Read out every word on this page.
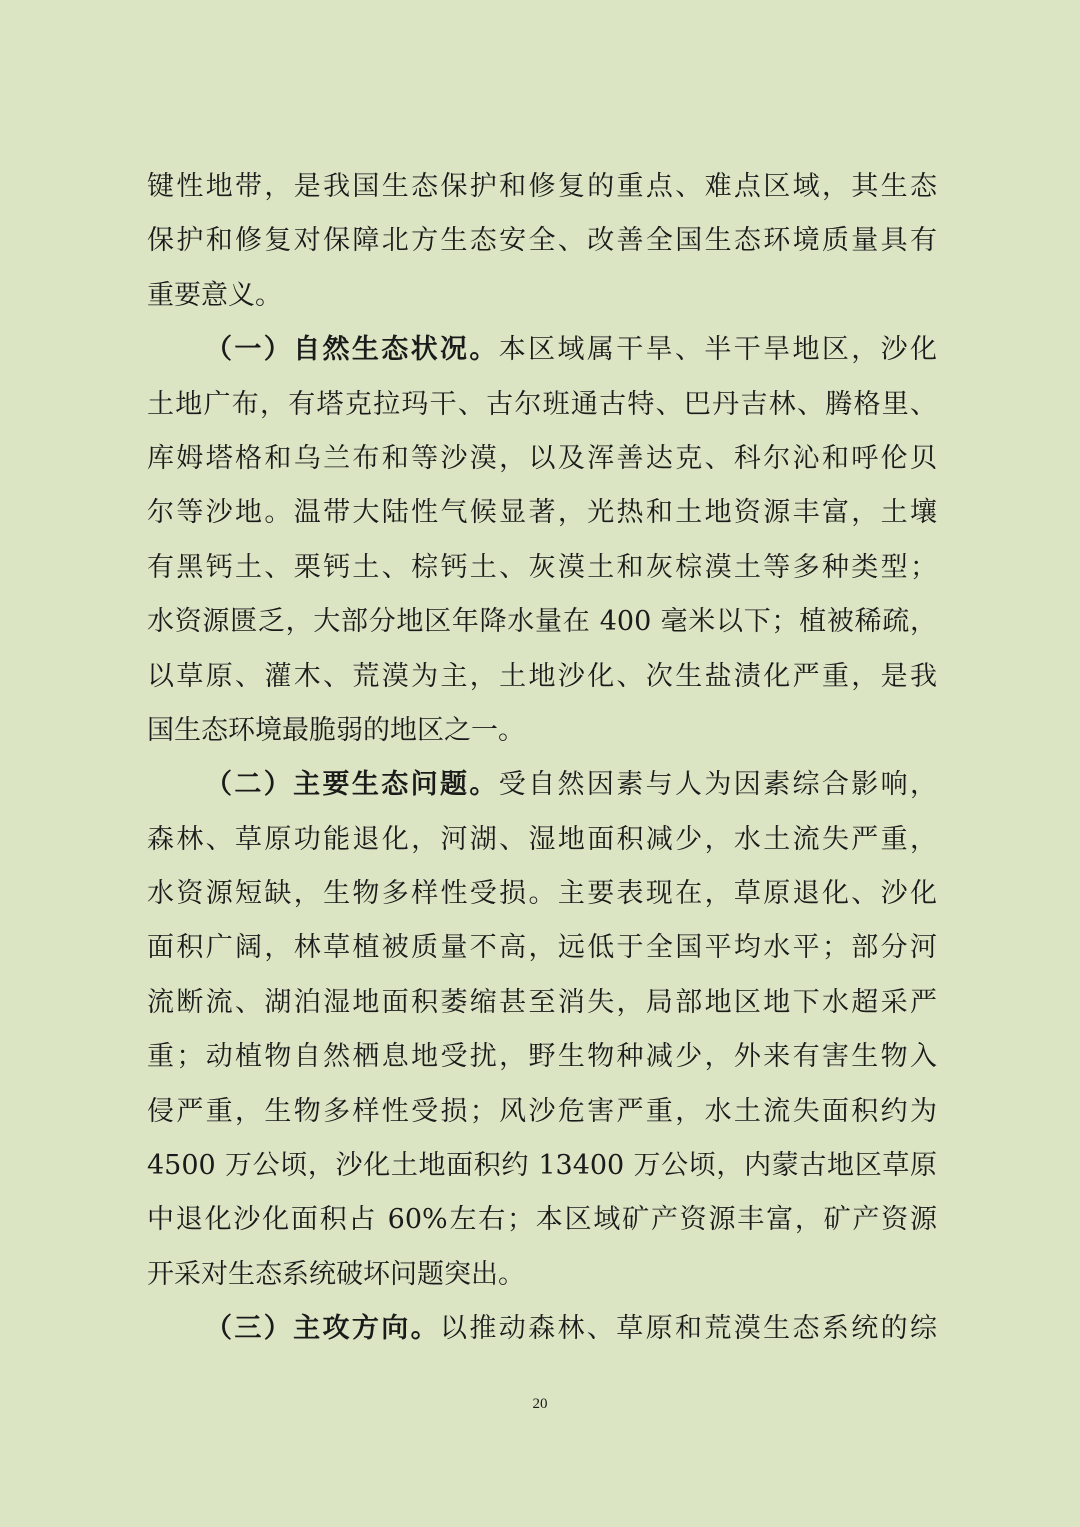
键性地带，是我国生态保护和修复的重点、难点区域，其生态
保护和修复对保障北方生态安全、改善全国生态环境质量具有
重要意义。
（一）自然生态状况。本区域属干旱、半干旱地区，沙化
土地广布，有塔克拉玛干、古尔班通古特、巴丹吉林、腾格里、
库姆塔格和乌兰布和等沙漠，以及浑善达克、科尔沁和呼伦贝
尔等沙地。温带大陆性气候显著，光热和土地资源丰富，土壤
有黑钙土、栗钙土、棕钙土、灰漠土和灰棕漠土等多种类型；
水资源匮乏，大部分地区年降水量在 400 毫米以下；植被稀疏，
以草原、灌木、荒漠为主，土地沙化、次生盐渍化严重，是我
国生态环境最脆弱的地区之一。
（二）主要生态问题。受自然因素与人为因素综合影响，
森林、草原功能退化，河湖、湿地面积减少，水土流失严重，
水资源短缺，生物多样性受损。主要表现在，草原退化、沙化
面积广阔，林草植被质量不高，远低于全国平均水平；部分河
流断流、湖泊湿地面积萎缩甚至消失，局部地区地下水超采严
重；动植物自然栖息地受扰，野生物种减少，外来有害生物入
侵严重，生物多样性受损；风沙危害严重，水土流失面积约为
4500 万公顷，沙化土地面积约 13400 万公顷，内蒙古地区草原
中退化沙化面积占 60%左右；本区域矿产资源丰富，矿产资源
开采对生态系统破坏问题突出。
（三）主攻方向。以推动森林、草原和荒漠生态系统的综
20
